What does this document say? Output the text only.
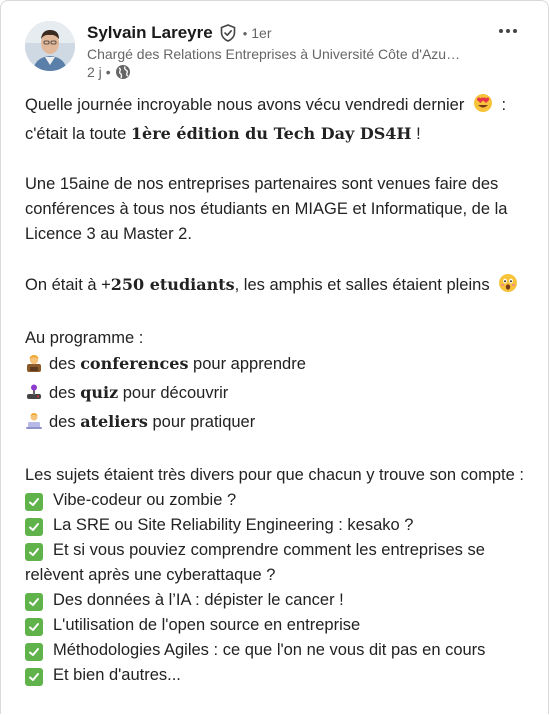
Sylvain Lareyre • 1er
Chargé des Relations Entreprises à Université Côte d'Azu…
2 j •

Quelle journée incroyable nous avons vécu vendredi dernier  :
c'était la toute 1ère édition du Tech Day DS4H !

Une 15aine de nos entreprises partenaires sont venues faire des conférences à tous nos étudiants en MIAGE et Informatique, de la Licence 3 au Master 2.

On était à +250 etudiants, les amphis et salles étaient pleins

Au programme :

des conferences pour apprendre

des quiz pour découvrir

des ateliers pour pratiquer

Les sujets étaient très divers pour que chacun y trouve son compte :

Vibe-codeur ou zombie ?

La SRE ou Site Reliability Engineering : kesako ?

Et si vous pouviez comprendre comment les entreprises se relèvent après une cyberattaque ?

Des données à l’IA : dépister le cancer !

L'utilisation de l'open source en entreprise

Méthodologies Agiles : ce que l'on ne vous dit pas en cours

Et bien d'autres...
